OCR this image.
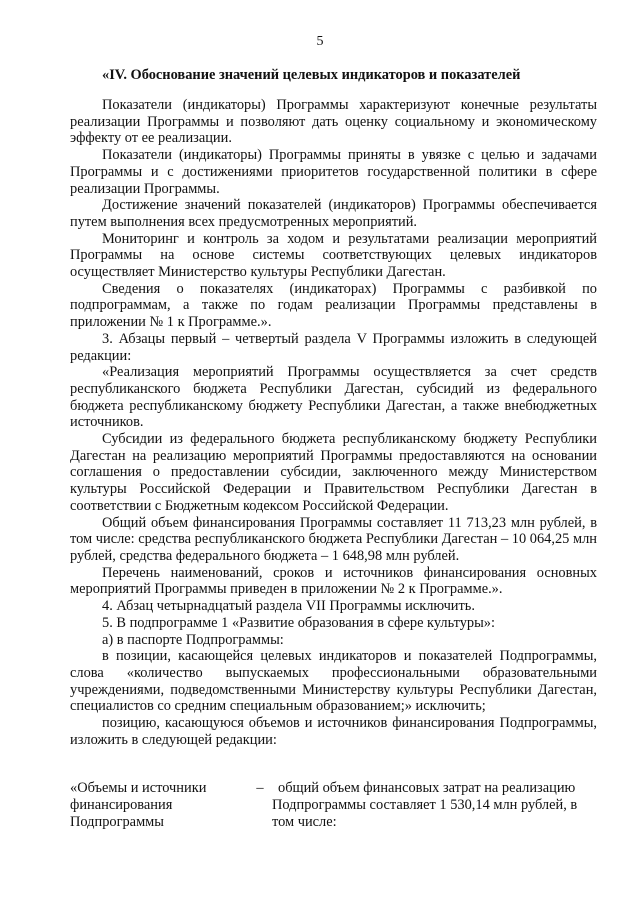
5
«IV. Обоснование значений целевых индикаторов и показателей

Показатели (индикаторы) Программы характеризуют конечные результаты реализации Программы и позволяют дать оценку социальному и экономическому эффекту от ее реализации.

Показатели (индикаторы) Программы приняты в увязке с целью и задачами Программы и с достижениями приоритетов государственной политики в сфере реализации Программы.

Достижение значений показателей (индикаторов) Программы обеспечивается путем выполнения всех предусмотренных мероприятий.

Мониторинг и контроль за ходом и результатами реализации мероприятий Программы на основе системы соответствующих целевых индикаторов осуществляет Министерство культуры Республики Дагестан.

Сведения о показателях (индикаторах) Программы с разбивкой по подпрограммам, а также по годам реализации Программы представлены в приложении № 1 к Программе.».

3. Абзацы первый – четвертый раздела V Программы изложить в следующей редакции:

«Реализация мероприятий Программы осуществляется за счет средств республиканского бюджета Республики Дагестан, субсидий из федерального бюджета республиканскому бюджету Республики Дагестан, а также внебюджетных источников.

Субсидии из федерального бюджета республиканскому бюджету Республики Дагестан на реализацию мероприятий Программы предоставляются на основании соглашения о предоставлении субсидии, заключенного между Министерством культуры Российской Федерации и Правительством Республики Дагестан в соответствии с Бюджетным кодексом Российской Федерации.

Общий объем финансирования Программы составляет 11 713,23 млн рублей, в том числе: средства республиканского бюджета Республики Дагестан – 10 064,25 млн рублей, средства федерального бюджета – 1 648,98 млн рублей.

Перечень наименований, сроков и источников финансирования основных мероприятий Программы приведен в приложении № 2 к Программе.».

4. Абзац четырнадцатый раздела VII Программы исключить.

5. В подпрограмме 1 «Развитие образования в сфере культуры»:

а) в паспорте Подпрограммы:

в позиции, касающейся целевых индикаторов и показателей Подпрограммы, слова «количество выпускаемых профессиональными образовательными учреждениями, подведомственными Министерству культуры Республики Дагестан, специалистов со средним специальным образованием;» исключить;

позицию, касающуюся объемов и источников финансирования Подпрограммы, изложить в следующей редакции:

«Объемы и источники финансирования Подпрограммы
–	общий объем финансовых затрат на реализацию Подпрограммы составляет 1 530,14 млн рублей, в том числе:
